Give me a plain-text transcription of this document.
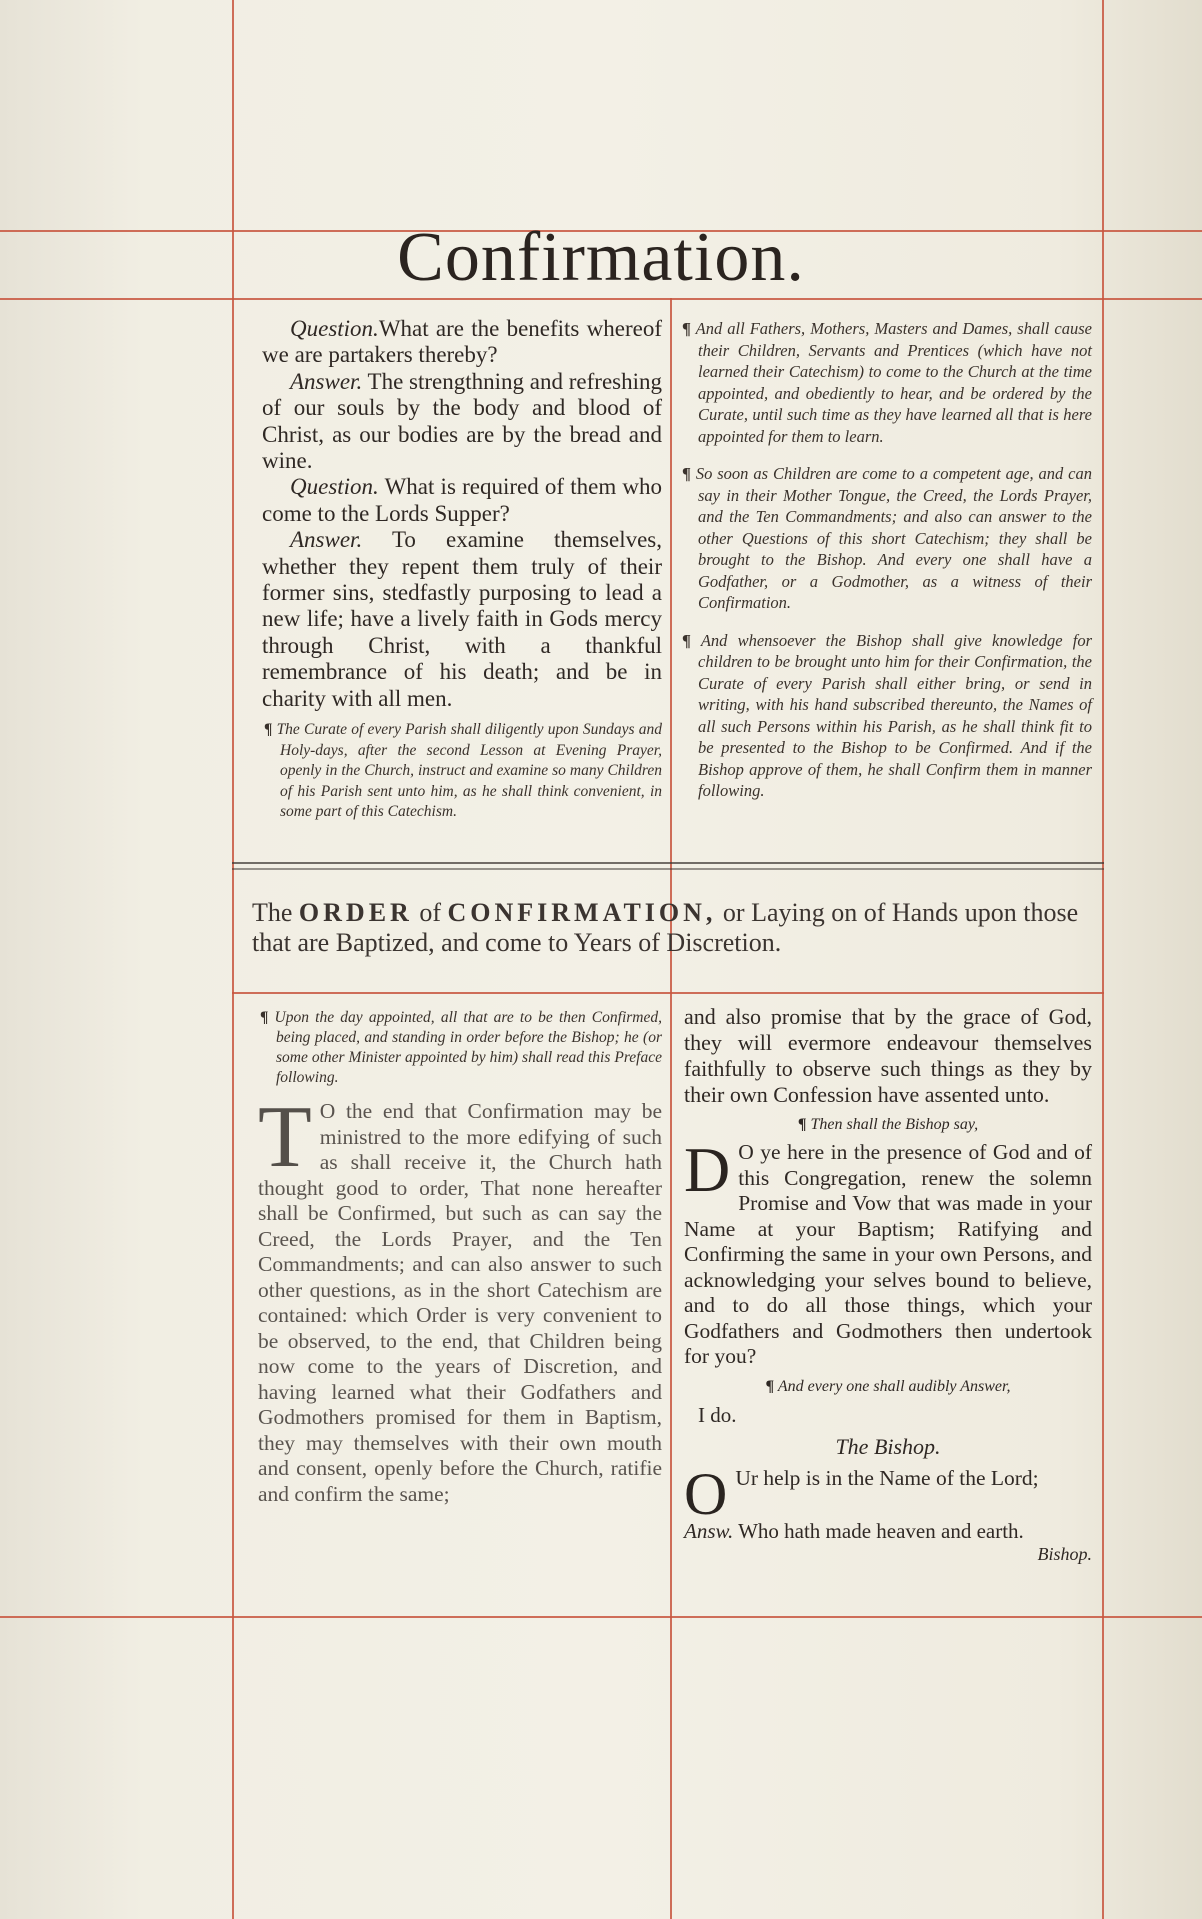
Confirmation.

Question.What are the benefits whereof we are partakers thereby?

Answer. The strengthning and refreshing of our souls by the body and blood of Christ, as our bodies are by the bread and wine.

Question. What is required of them who come to the Lords Supper?

Answer. To examine themselves, whether they repent them truly of their former sins, stedfastly purposing to lead a new life; have a lively faith in Gods mercy through Christ, with a thankful remembrance of his death; and be in charity with all men.

¶ The Curate of every Parish shall diligently upon Sundays and Holy-days, after the second Lesson at Evening Prayer, openly in the Church, instruct and examine so many Children of his Parish sent unto him, as he shall think convenient, in some part of this Catechism.

¶ And all Fathers, Mothers, Masters and Dames, shall cause their Children, Servants and Prentices (which have not learned their Catechism) to come to the Church at the time appointed, and obediently to hear, and be ordered by the Curate, until such time as they have learned all that is here appointed for them to learn.

¶ So soon as Children are come to a competent age, and can say in their Mother Tongue, the Creed, the Lords Prayer, and the Ten Commandments; and also can answer to the other Questions of this short Catechism; they shall be brought to the Bishop. And every one shall have a Godfather, or a Godmother, as a witness of their Confirmation.

¶ And whensoever the Bishop shall give knowledge for children to be brought unto him for their Confirmation, the Curate of every Parish shall either bring, or send in writing, with his hand subscribed thereunto, the Names of all such Persons within his Parish, as he shall think fit to be presented to the Bishop to be Confirmed. And if the Bishop approve of them, he shall Confirm them in manner following.

The ORDER of CONFIRMATION, or Laying on of Hands upon those that are Baptized, and come to Years of Discretion.

¶ Upon the day appointed, all that are to be then Confirmed, being placed, and standing in order before the Bishop; he (or some other Minister appointed by him) shall read this Preface following.

T O the end that Confirmation may be ministred to the more edifying of such as shall receive it, the Church hath thought good to order, That none hereafter shall be Confirmed, but such as can say the Creed, the Lords Prayer, and the Ten Commandments; and can also answer to such other questions, as in the short Catechism are contained: which Order is very convenient to be observed, to the end, that Children being now come to the years of Discretion, and having learned what their Godfathers and Godmothers promised for them in Baptism, they may themselves with their own mouth and consent, openly before the Church, ratifie and confirm the same;
and also promise that by the grace of God, they will evermore endeavour themselves faithfully to observe such things as they by their own Confession have assented unto.
¶ Then shall the Bishop say,
D O ye here in the presence of God and of this Congregation, renew the solemn Promise and Vow that was made in your Name at your Baptism; Ratifying and Confirming the same in your own Persons, and acknowledging your selves bound to believe, and to do all those things, which your Godfathers and Godmothers then undertook for you?
¶ And every one shall audibly Answer,
I do.
The Bishop.
O Ur help is in the Name of the Lord;
Answ. Who hath made heaven and earth.
Bishop.
